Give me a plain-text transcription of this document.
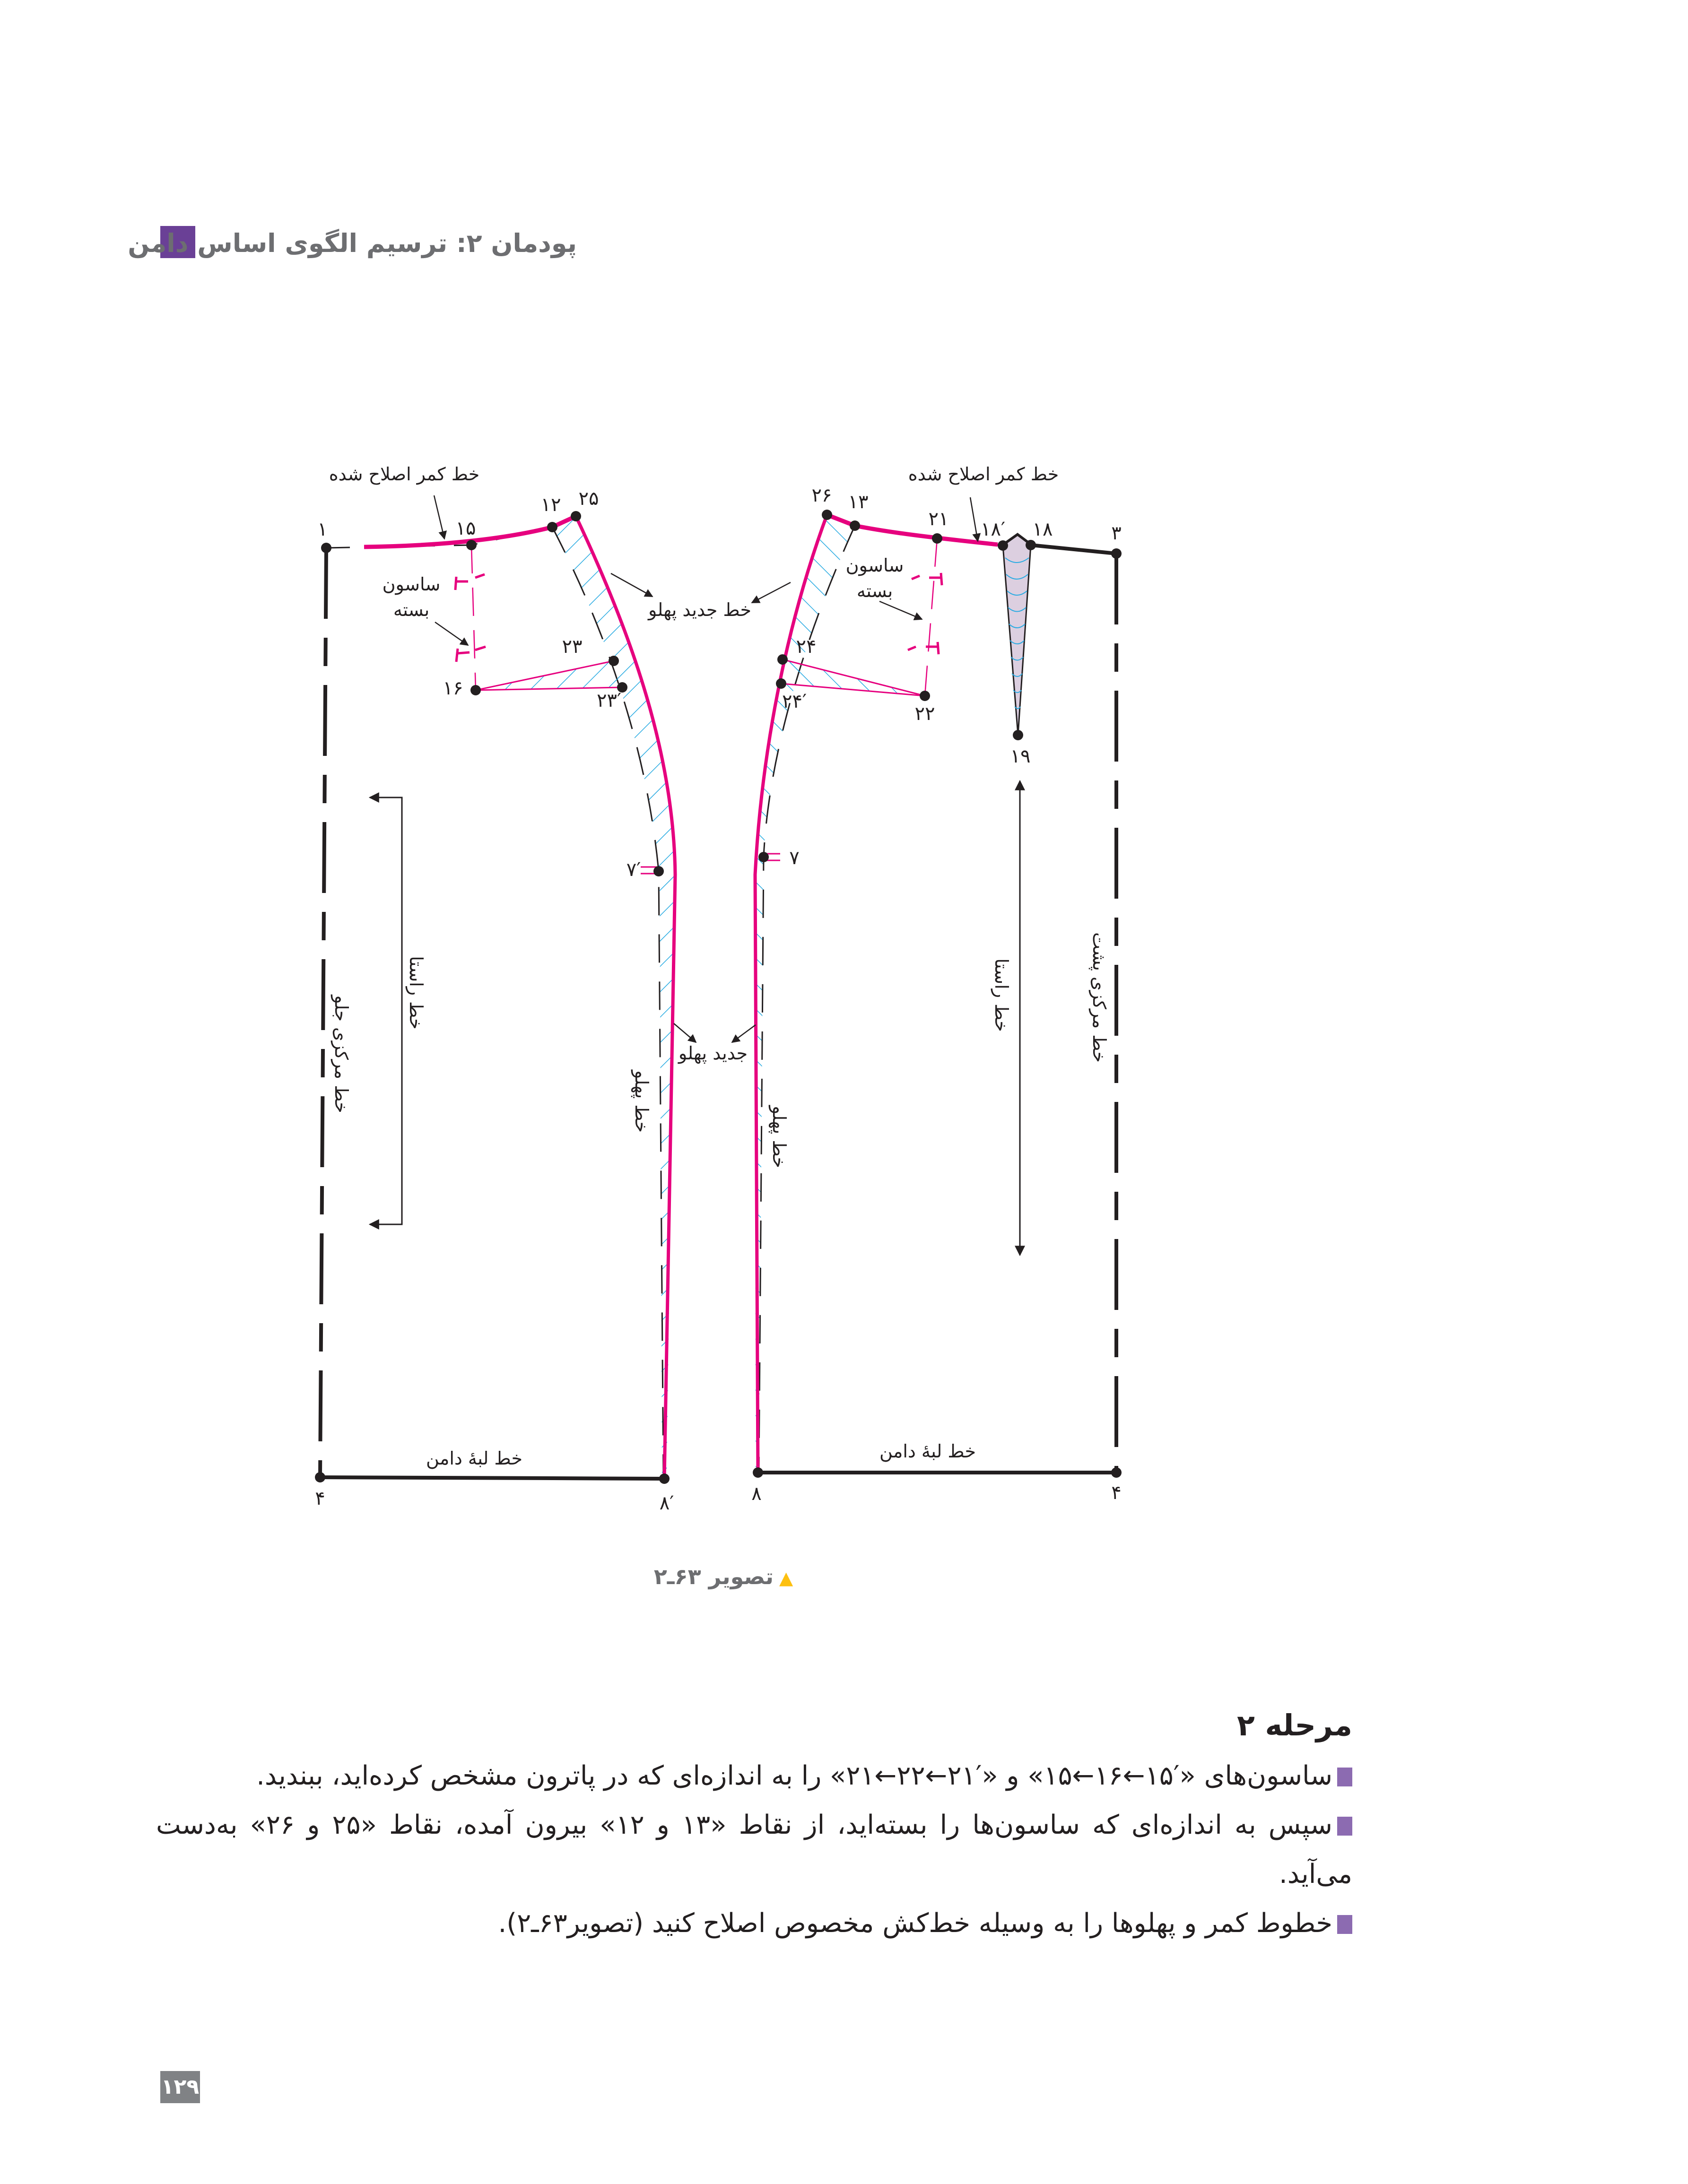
پودمان ۲: ترسیم الگوی اساس دامن
خط کمر اصلاح شده
ساسون
بسته	خط جدید پهلو
جدید پهلو
خط پهلو
خط راستا
خط مرکزی جلو
خط لبهٔ دامن
۱	۱۵
۱۲ ۲۵
۱۶
۲۳
۲۳′
۷′
۴	۸′
خط کمر اصلاح شده
ساسون
بسته
خط پهلو
خط راستا	خط مرکزی پشت
خط لبهٔ دامن
۲۶ ۱۳
۲۱ ۱۸′ ۱۸	۳
۲۴
۲۴′
۲۲
۱۹
۷
۸	۴
▲تصویر ۶۳ـ۲
مرحله ۲

ساسون‌های «′۱۵←۱۶←۱۵» و «′۲۱←۲۲←۲۱» را به اندازه‌ای که در پاترون مشخص کرده‌اید، ببندید.

سپس به اندازه‌ای که ساسون‌ها را بسته‌اید، از نقاط «۱۳ و ۱۲» بیرون آمده، نقاط «۲۵ و ۲۶» به‌دست می‌آید.

خطوط کمر و پهلوها را به وسیله خط‌کش مخصوص اصلاح کنید (تصویر۶۳ـ۲).

۱۲۹
